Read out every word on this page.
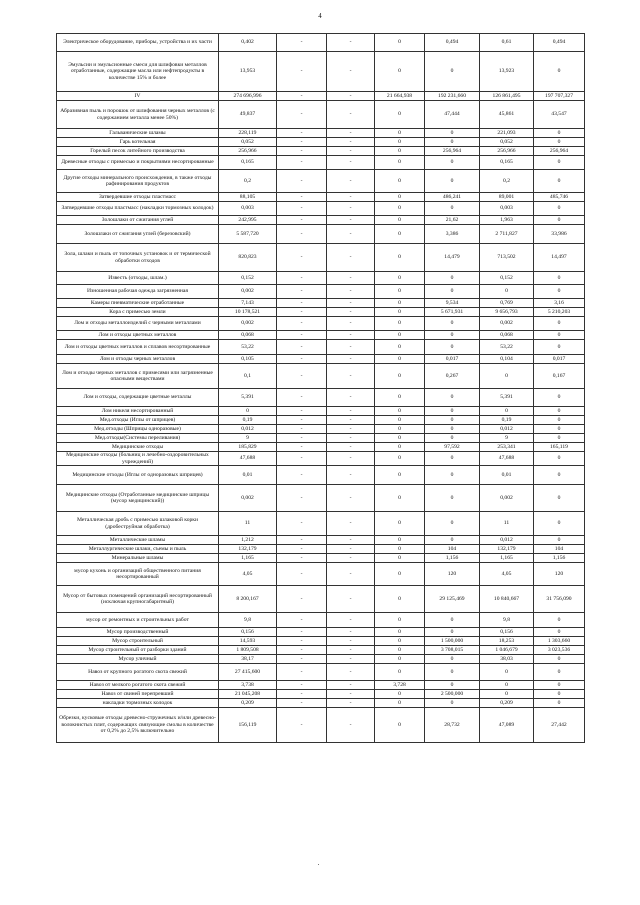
4
Электрическое оборудование, приборы, устройства и их части	0,402	-	-	0	0,494	0,61	0,494
Эмульсии и эмульсионные смеси для шлифовки металлов отработанные, содержащие масла или нефтепродукты в количестве 15% и более	13,953	-	-	0	0	13,923	0
IV	274 696,996	-	-	21 664,938	192 231,660	126 861,495	197 707,327
Абразивная пыль и порошок от шлифования черных металлов (с содержанием металла менее 50%)	49,837	-	-	0	47,444	45,861	43,547
Гальванические шламы	228,119	-	-	0	0	221,093	0
Гарь котельная	0,052	-	-	0	0	0,052	0
Горелый песок литейного производства	256,966	-	-	0	256,964	256,966	256,964
Древесные отходы с примесью и покрытиями несортированные	0,165	-	-	0	0	0,165	0
Другие отходы минерального происхождения, в также отходы рафинирования продуктов	0,2	-	-	0	0	0,2	0
Затвердевшие отходы пластмасс	88,105	-	-	0	486,241	89,001	485,746
Затвердевшие отходы пластмасс (накладки тормозных колодок)	0,003	-	-	0	0	0,003	0
Золошлаки от сжигания углей	242,995	-	-	0	21,62	1,963	0
Золошлаки от сжигания углей (березовский)	5 587,720	-	-	0	3,386	2 711,827	33,986
Зола, шлаки и пыль от топочных установок и от термической обработки отходов	820,823	-	-	0	14,479	713,502	14,497
Известь (отходы, шлам.)	0,152	-	-	0	0	0,152	0
Изношенная рабочая одежда загрязненная	0,002	-	-	0	0	0	0
Камеры пневматические отработанные	7,143	-	-	0	9,534	0,769	3,16
Кора с примесью земли	10 178,521	-	-	0	5 671,931	9 656,793	5 210,203
Лом и отходы металлоизделий с черными металлами	0,002	-	-	0	0	0,002	0
Лом и отходы цветных металлов	0,068	-	-	0	0	0,068	0
Лом и отходы цветных металлов и сплавов несортированные	53,22	-	-	0	0	53,22	0
Лом и отходы черных металлов	0,105	-	-	0	0,017	0,104	0,017
Лом и отходы черных металлов с примесями или загрязненные опасными веществами	0,1	-	-	0	0,267	0	0,167
Лом и отходы, содержащие цветные металлы	5,391	-	-	0	0	5,391	0
Лом никеля несортированный	0	-	-	0	0	0	0
Мед.отходы (Иглы от шприцев)	0,19	-	-	0	0	0,19	0
Мед.отходы (Шприцы одноразовые)	0,012	-	-	0	0	0,012	0
Мед.отходы(Системы переливания)	9	-	-	0	0	9	0
Медицинские отходы	185,829	-	-	0	97,592	253,341	165,119
Медицинские отходы (больниц и лечебно-оздоровительных учреждений)	47,688	-	-	0	0	47,688	0
Медицинские отходы (Иглы от одноразовых шприцев)	0,01	-	-	0	0	0,01	0
Медицинские отходы (Отработанные медицинские шприцы (мусор медицинский))	0,002	-	-	0	0	0,002	0
Металлическая дробь с примесью шлаковой корки (дробеструйная обработка)	11	-	-	0	0	11	0
Металлические шламы	1,212	-	-	0	0	0,012	0
Металлургические шлаки, съемы и пыль	132,179	-	-	0	104	132,179	104
Минеральные шламы	1,165	-	-	0	1,156	1,165	1,156
мусор кухонь и организаций общественного питания несортированный	4,05	-	-	0	120	4,05	120
Мусор от бытовых помещений организаций несортированный (исключая крупногабаритный)	8 200,167	-	-	0	29 125,469	10 840,667	31 756,090
мусор от ремонтных и строительных работ	9,8	-	-	0	0	9,8	0
Мусор производственный	0,156	-	-	0	0	0,156	0
Мусор строительный	14,593	-	-	0	1 500,000	18,253	1 303,660
Мусор строительный от разборки зданий	1 809,508	-	-	0	3 708,015	1 046,679	3 023,536
Мусор уличный	38,17	-	-	0	0	38,03	0
Навоз от крупного рогатого скота свежий	27 415,600	-	-	0	0	0	0
Навоз от мелкого рогатого скота свежий	3,738	-	-	3,728	0	0	0
Навоз от свиней перепревший	21 045,208	-	-	0	2 500,000	0	0
накладки тормозных колодок	0,209	-	-	0	0	0,209	0
Обрезки, кусковые отходы древесно-стружечных и/или древесно-волокнистых плит, содержащих связующие смолы в количестве от 0,2% до 2,5% включительно	156,119	-	-	0	28,732	47,089	27,442
